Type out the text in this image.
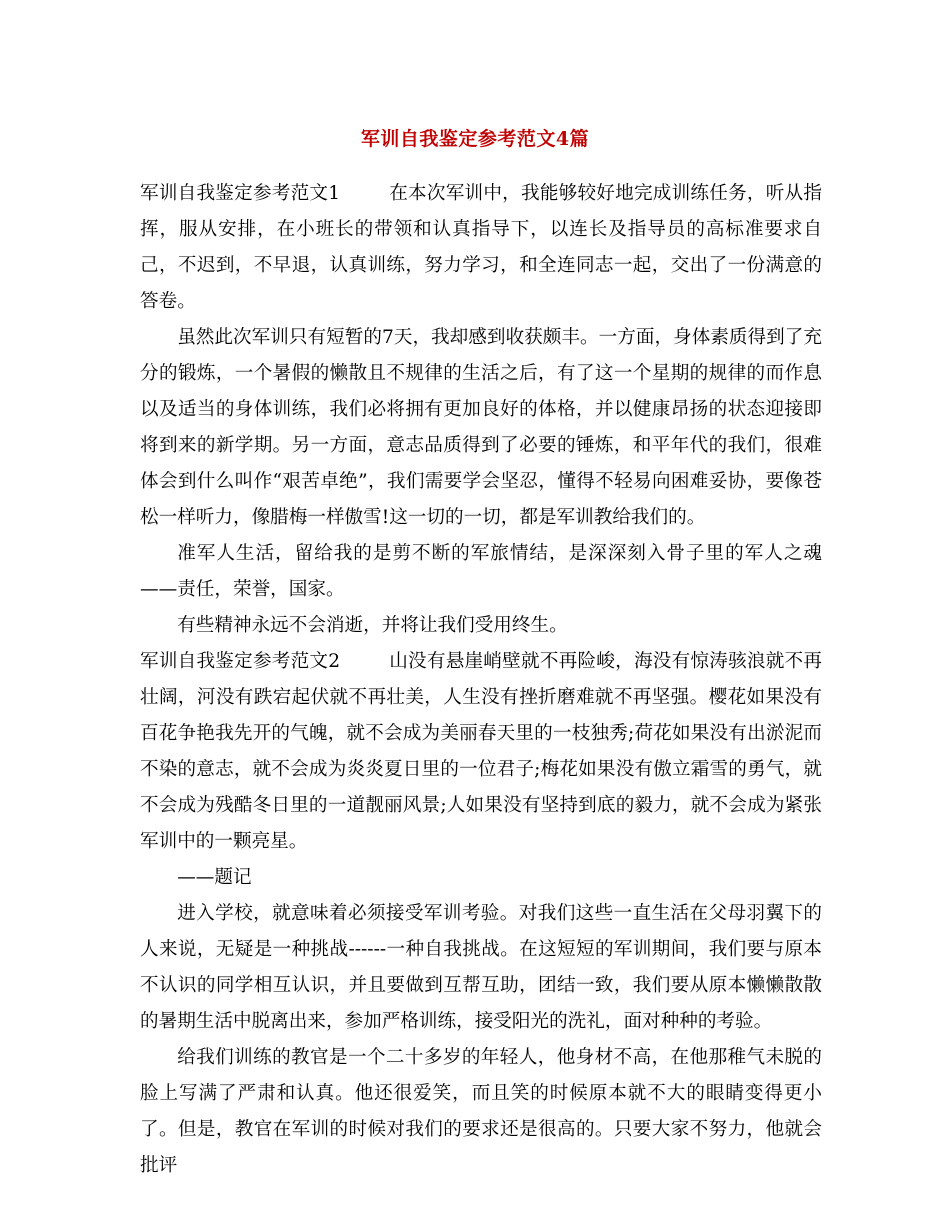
军训自我鉴定参考范文4篇

军训自我鉴定参考范文1	在本次军训中，我能够较好地完成训练任务，听从指挥，服从安排，在小班长的带领和认真指导下，以连长及指导员的高标准要求自己，不迟到，不早退，认真训练，努力学习，和全连同志一起，交出了一份满意的答卷。

虽然此次军训只有短暂的7天，我却感到收获颇丰。一方面，身体素质得到了充分的锻炼，一个暑假的懒散且不规律的生活之后，有了这一个星期的规律的而作息以及适当的身体训练，我们必将拥有更加良好的体格，并以健康昂扬的状态迎接即将到来的新学期。另一方面，意志品质得到了必要的锤炼，和平年代的我们，很难体会到什么叫作“艰苦卓绝”，我们需要学会坚忍，懂得不轻易向困难妥协，要像苍松一样听力，像腊梅一样傲雪!这一切的一切，都是军训教给我们的。

准军人生活，留给我的是剪不断的军旅情结，是深深刻入骨子里的军人之魂——责任，荣誉，国家。

有些精神永远不会消逝，并将让我们受用终生。

军训自我鉴定参考范文2	山没有悬崖峭壁就不再险峻，海没有惊涛骇浪就不再壮阔，河没有跌宕起伏就不再壮美，人生没有挫折磨难就不再坚强。樱花如果没有百花争艳我先开的气魄，就不会成为美丽春天里的一枝独秀;荷花如果没有出淤泥而不染的意志，就不会成为炎炎夏日里的一位君子;梅花如果没有傲立霜雪的勇气，就不会成为残酷冬日里的一道靓丽风景;人如果没有坚持到底的毅力，就不会成为紧张军训中的一颗亮星。

——题记

进入学校，就意味着必须接受军训考验。对我们这些一直生活在父母羽翼下的人来说，无疑是一种挑战------一种自我挑战。在这短短的军训期间，我们要与原本不认识的同学相互认识，并且要做到互帮互助，团结一致，我们要从原本懒懒散散的暑期生活中脱离出来，参加严格训练，接受阳光的洗礼，面对种种的考验。

给我们训练的教官是一个二十多岁的年轻人，他身材不高，在他那稚气未脱的脸上写满了严肃和认真。他还很爱笑，而且笑的时候原本就不大的眼睛变得更小了。但是，教官在军训的时候对我们的要求还是很高的。只要大家不努力，他就会批评
